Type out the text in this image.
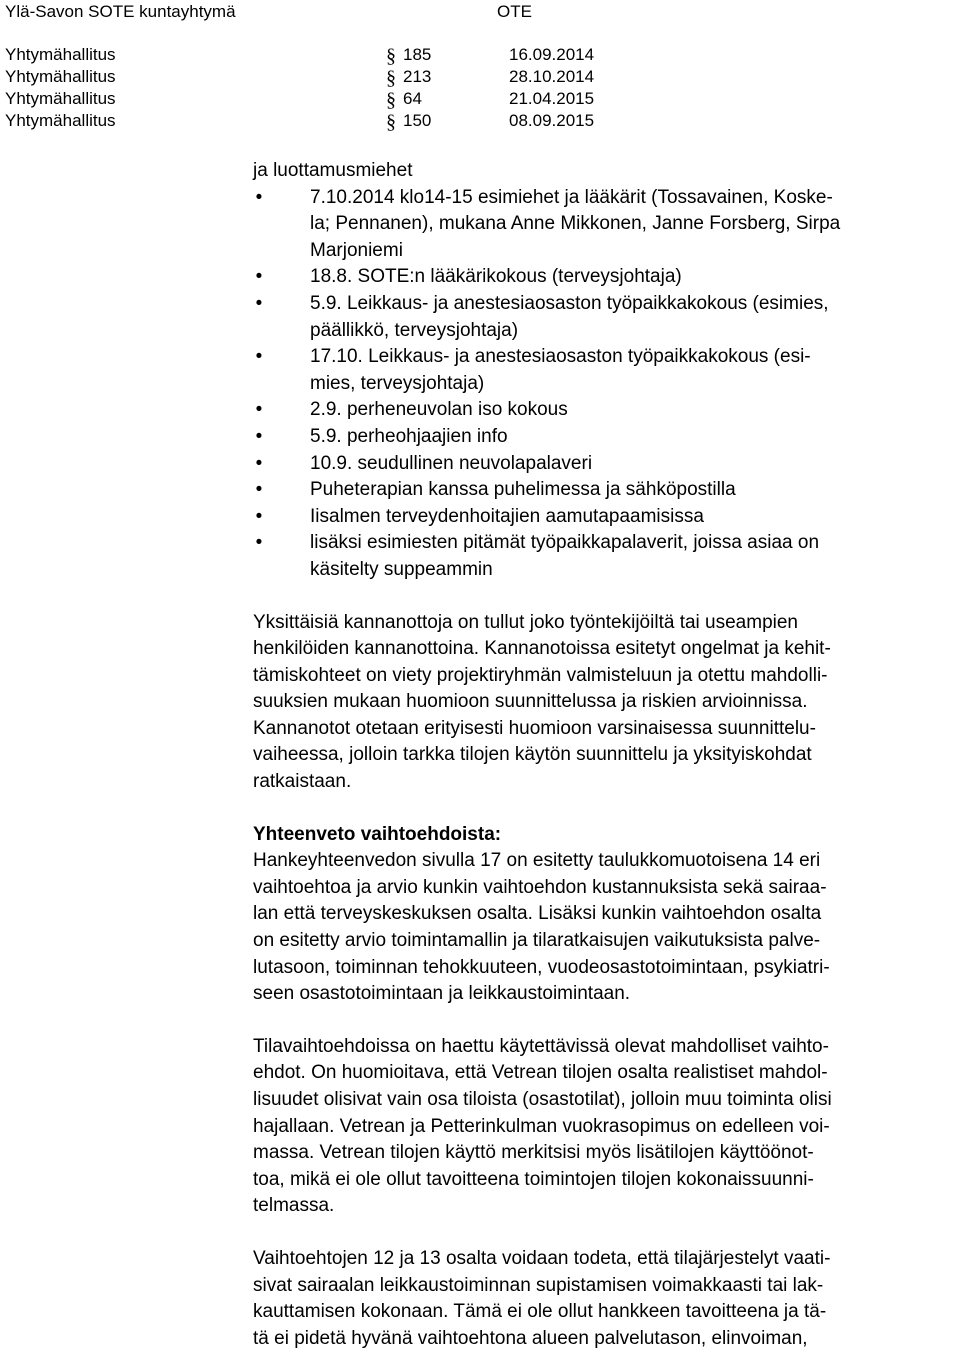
Ylä-Savon SOTE kuntayhtymä	OTE
Yhtymähallitus	§ 185	16.09.2014
Yhtymähallitus	§ 213	28.10.2014
Yhtymähallitus	§ 64	21.04.2015
Yhtymähallitus	§ 150	08.09.2015

ja luottamusmiehet

•	7.10.2014 klo14-15 esimiehet ja lääkärit (Tossavainen, Koske-
la; Pennanen), mukana Anne Mikkonen, Janne Forsberg, Sirpa
Marjoniemi
•	18.8. SOTE:n lääkärikokous (terveysjohtaja)
•	5.9. Leikkaus- ja anestesiaosaston työpaikkakokous (esimies,
päällikkö, terveysjohtaja)
•	17.10. Leikkaus- ja anestesiaosaston työpaikkakokous (esi-
mies, terveysjohtaja)
•	2.9. perheneuvolan iso kokous
•	5.9. perheohjaajien info
•	10.9. seudullinen neuvolapalaveri
•	Puheterapian kanssa puhelimessa ja sähköpostilla
•	Iisalmen terveydenhoitajien aamutapaamisissa
•	lisäksi esimiesten pitämät työpaikkapalaverit, joissa asiaa on
käsitelty suppeammin

Yksittäisiä kannanottoja on tullut joko työntekijöiltä tai useampien
henkilöiden kannanottoina. Kannanotoissa esitetyt ongelmat ja kehit-
tämiskohteet on viety projektiryhmän valmisteluun ja otettu mahdolli-
suuksien mukaan huomioon suunnittelussa ja riskien arvioinnissa.
Kannanotot otetaan erityisesti huomioon varsinaisessa suunnittelu-
vaiheessa, jolloin tarkka tilojen käytön suunnittelu ja yksityiskohdat
ratkaistaan.

Yhteenveto vaihtoehdoista:

Hankeyhteenvedon sivulla 17 on esitetty taulukkomuotoisena 14 eri
vaihtoehtoa ja arvio kunkin vaihtoehdon kustannuksista sekä sairaa-
lan että terveyskeskuksen osalta. Lisäksi kunkin vaihtoehdon osalta
on esitetty arvio toimintamallin ja tilaratkaisujen vaikutuksista palve-
lutasoon, toiminnan tehokkuuteen, vuodeosastotoimintaan, psykiatri-
seen osastotoimintaan ja leikkaustoimintaan.

Tilavaihtoehdoissa on haettu käytettävissä olevat mahdolliset vaihto-
ehdot. On huomioitava, että Vetrean tilojen osalta realistiset mahdol-
lisuudet olisivat vain osa tiloista (osastotilat), jolloin muu toiminta olisi
hajallaan. Vetrean ja Petterinkulman vuokrasopimus on edelleen voi-
massa. Vetrean tilojen käyttö merkitsisi myös lisätilojen käyttöönot-
toa, mikä ei ole ollut tavoitteena toimintojen tilojen kokonaissuunni-
telmassa.

Vaihtoehtojen 12 ja 13 osalta voidaan todeta, että tilajärjestelyt vaati-
sivat sairaalan leikkaustoiminnan supistamisen voimakkaasti tai lak-
kauttamisen kokonaan. Tämä ei ole ollut hankkeen tavoitteena ja tä-
tä ei pidetä hyvänä vaihtoehtona alueen palvelutason, elinvoiman,
